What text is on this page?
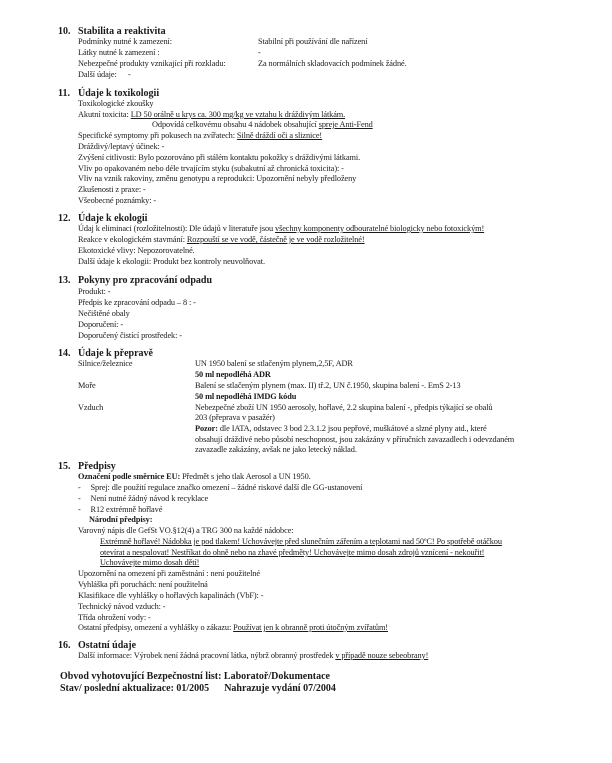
10. Stabilita a reaktivita
Podmínky nutné k zamezení:	Stabilní při používání dle nařízení
Látky nutné k zamezení :	-
Nebezpečné produkty vznikající při rozkladu:	Za normálních skladovacích podmínek žádné.
Další údaje: -
11. Údaje k toxikologii
Toxikologické zkoušky
Akutní toxicita: LD 50 orálně u krys ca. 300 mg/kg ve vztahu k dráždivým látkám.
Odpovídá celkovému obsahu 4 nádobek obsahující spreje Anti-Fend
Specifické symptomy při pokusech na zvířatech: Silně dráždí oči a sliznice!
Dráždivý/leptavý účinek: -
Zvýšení citlivosti: Bylo pozorováno při stálém kontaktu pokožky s dráždivými látkami.
Vliv po opakovaném nebo déle trvajícím styku (subakutní až chronická toxicita): -
Vliv na vznik rakoviny, změnu genotypu a reprodukci: Upozornění nebyly předloženy
Zkušenosti z praxe: -
Všeobecné poznámky: -
12. Údaje k ekologii
Údaj k eliminaci (rozložitelnosti): Dle údajů v literatuře jsou všechny komponenty odbouratelné biologicky nebo fotoxickým!
Reakce v ekologickém stavmání: Rozpouští se ve vodě, částečně je ve vodě rozložitelné!
Ekotoxické vlivy: Nepozorovatelné.
Další údaje k ekologii: Produkt bez kontroly neuvolňovat.
13. Pokyny pro zpracování odpadu
Produkt: -
Předpis ke zpracování odpadu – 8 : -
Nečištěné obaly
Doporučení: -
Doporučený čistící prostředek: -
14. Údaje k přepravě
Silnice/železnice	UN 1950 balení se stlačeným plynem,2,5F, ADR
50 ml nepodléhá ADR
Moře	Balení se stlačeným plynem (max. II) tř.2, UN č.1950, skupina balení -. EmS 2-13
50 ml nepodléhá IMDG kódu
Vzduch	Nebezpečné zboží UN 1950 aerosoly, hořlavé, 2.2 skupina balení -, předpis týkající se obalů
203 (přeprava v pasažér)
Pozor: dle IATA, odstavec 3 bod 2.3.1.2 jsou pepřové, muškátové a slzné plyny atd., které
obsahují dráždivé nebo působí neschopnost, jsou zakázány v příručních zavazadlech i odevzdaném
zavazadle zakázány, avšak ne jako letecký náklad.
15. Předpisy
Označení podle směrnice EU: Předmět s jeho tlak Aerosol a UN 1950.
-     Sprej: dle použití regulace značko omezení – žádné riskové další dle GG-ustanovení
-     Není nutné žádný návod k recyklace
-     R12 extrémně hořlavé
Národní předpisy:
Varovný nápis dle GefSt VO.§12(4) a TRG 300 na každé nádobce:
Extrémně hořlavé! Nádobka je pod tlakem! Uchovávejte před slunečním zářením a teplotami nad 50ºC! Po spotřebě otáčkou
otevírat a nespalovat! Nestříkat do ohně nebo na zhavé předměty! Uchovávejte mimo dosah zdrojů vznícení - nekouřit!
Uchovávejte mimo dosah dětí!
Upozornění na omezení při zaměstnání : není použitelné
Vyhláška při poruchách: není použitelná
Klasifikace dle vyhlášky o hořlavých kapalinách (VbF): -
Technický návod vzduch: -
Třída ohrožení vody: -
Ostatní předpisy, omezení a vyhlášky o zákazu: Používat jen k obranně proti útočným zvířatům!
16. Ostatní údaje
Další informace: Výrobek není žádná pracovní látka, nýbrž obranný prostředek v případě nouze sebeobrany!
Obvod vyhotovující Bezpečnostní list: Laboratoř/Dokumentace
Stav/ poslední aktualizace: 01/2005 Nahrazuje vydání 07/2004
